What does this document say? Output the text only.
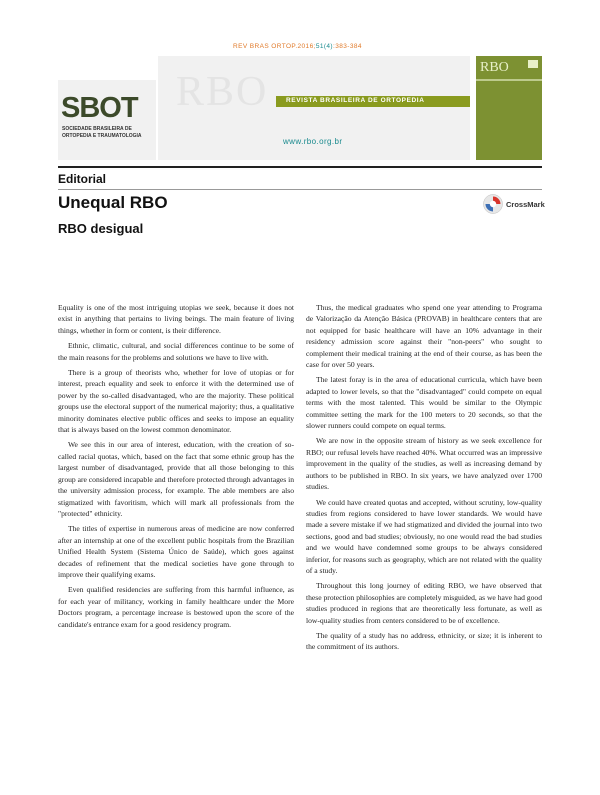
REV BRAS ORTOP.2016;51(4):383-384
RBO	REVISTA BRASILEIRA DE ORTOPEDIA
www.rbo.org.br
SBOT
SOCIEDADE BRASILEIRA DE
ORTOPEDIA E TRAUMATOLOGIA
RBO
Editorial
Unequal RBO
RBO desigual
CrossMark

Equality is one of the most intriguing utopias we seek, because it does not exist in anything that pertains to living beings. The main feature of living things, whether in form or content, is their difference.

Ethnic, climatic, cultural, and social differences continue to be some of the main reasons for the problems and solutions we have to live with.

There is a group of theorists who, whether for love of utopias or for interest, preach equality and seek to enforce it with the determined use of power by the so-called disadvantaged, who are the majority. These political groups use the electoral support of the numerical majority; thus, a qualitative minority dominates elective public offices and seeks to impose an equality that is always based on the lowest common denominator.

We see this in our area of interest, education, with the creation of so-called racial quotas, which, based on the fact that some ethnic group has the largest number of disadvantaged, provide that all those belonging to this group are considered incapable and therefore protected through advantages in the university admission process, for example. The able members are also stigmatized with favoritism, which will mark all professionals from the "protected" ethnicity.

The titles of expertise in numerous areas of medicine are now conferred after an internship at one of the excellent public hospitals from the Brazilian Unified Health System (Sistema Único de Saúde), which goes against decades of refinement that the medical societies have gone through to improve their qualifying exams.

Even qualified residencies are suffering from this harmful influence, as for each year of militancy, working in family healthcare under the More Doctors program, a percentage increase is bestowed upon the score of the candidate's entrance exam for a good residency program.

Thus, the medical graduates who spend one year attending to Programa de Valorização da Atenção Básica (PROVAB) in healthcare centers that are not equipped for basic healthcare will have an 10% advantage in their residency admission score against their "non-peers" who sought to complement their medical training at the end of their course, as has been the case for over 50 years.

The latest foray is in the area of educational curricula, which have been adapted to lower levels, so that the "disadvantaged" could compete on equal terms with the most talented. This would be similar to the Olympic committee setting the mark for the 100 meters to 20 seconds, so that the slower runners could compete on equal terms.

We are now in the opposite stream of history as we seek excellence for RBO; our refusal levels have reached 40%. What occurred was an impressive improvement in the quality of the studies, as well as increasing demand by authors to be published in RBO. In six years, we have analyzed over 1700 studies.

We could have created quotas and accepted, without scrutiny, low-quality studies from regions considered to have lower standards. We would have made a severe mistake if we had stigmatized and divided the journal into two sections, good and bad studies; obviously, no one would read the bad studies and we would have condemned some groups to be always considered inferior, for reasons such as geography, which are not related with the quality of a study.

Throughout this long journey of editing RBO, we have observed that these protection philosophies are completely misguided, as we have had good studies produced in regions that are theoretically less fortunate, as well as low-quality studies from centers considered to be of excellence.

The quality of a study has no address, ethnicity, or size; it is inherent to the commitment of its authors.
